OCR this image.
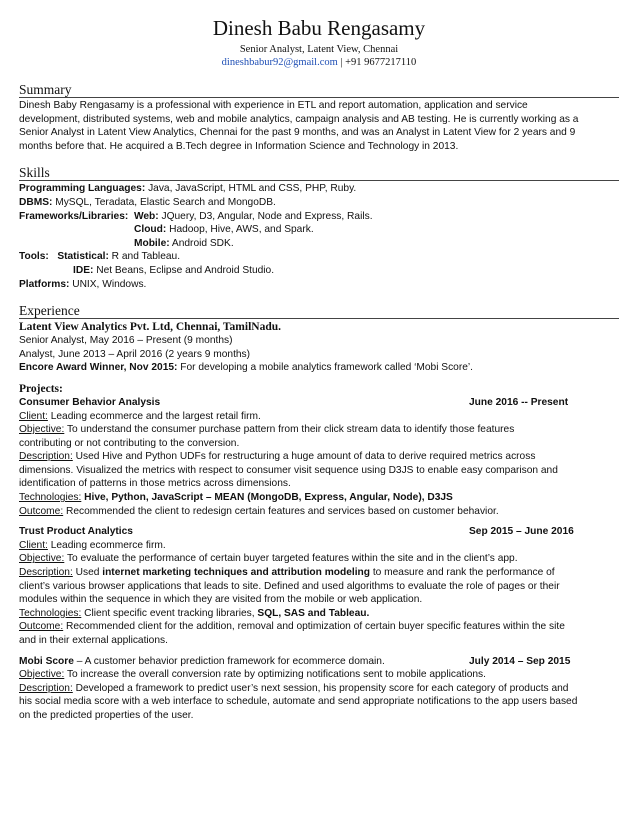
Dinesh Babu Rengasamy
Senior Analyst, Latent View, Chennai
dineshbabur92@gmail.com | +91 9677217110
Summary
Dinesh Baby Rengasamy is a professional with experience in ETL and report automation, application and service
development, distributed systems, web and mobile analytics, campaign analysis and AB testing. He is currently working as a
Senior Analyst in Latent View Analytics, Chennai for the past 9 months, and was an Analyst in Latent View for 2 years and 9
months before that. He acquired a B.Tech degree in Information Science and Technology in 2013.
Skills
Programming Languages: Java, JavaScript, HTML and CSS, PHP, Ruby.
DBMS: MySQL, Teradata, Elastic Search and MongoDB.
Frameworks/Libraries: Web: JQuery, D3, Angular, Node and Express, Rails.
Cloud: Hadoop, Hive, AWS, and Spark.
Mobile: Android SDK.
Tools: Statistical: R and Tableau.
IDE: Net Beans, Eclipse and Android Studio.
Platforms: UNIX, Windows.
Experience
Latent View Analytics Pvt. Ltd, Chennai, TamilNadu.
Senior Analyst, May 2016 – Present (9 months)
Analyst, June 2013 – April 2016 (2 years 9 months)
Encore Award Winner, Nov 2015: For developing a mobile analytics framework called ‘Mobi Score’.
Projects:
Consumer Behavior Analysis	June 2016 -- Present
Client: Leading ecommerce and the largest retail firm.
Objective: To understand the consumer purchase pattern from their click stream data to identify those features
contributing or not contributing to the conversion.
Description: Used Hive and Python UDFs for restructuring a huge amount of data to derive required metrics across
dimensions. Visualized the metrics with respect to consumer visit sequence using D3JS to enable easy comparison and
identification of patterns in those metrics across dimensions.
Technologies: Hive, Python, JavaScript – MEAN (MongoDB, Express, Angular, Node), D3JS
Outcome: Recommended the client to redesign certain features and services based on customer behavior.
Trust Product Analytics	Sep 2015 – June 2016
Client: Leading ecommerce firm.
Objective: To evaluate the performance of certain buyer targeted features within the site and in the client’s app.
Description: Used internet marketing techniques and attribution modeling to measure and rank the performance of
client’s various browser applications that leads to site. Defined and used algorithms to evaluate the role of pages or their
modules within the sequence in which they are visited from the mobile or web application.
Technologies: Client specific event tracking libraries, SQL, SAS and Tableau.
Outcome: Recommended client for the addition, removal and optimization of certain buyer specific features within the site
and in their external applications.
Mobi Score – A customer behavior prediction framework for ecommerce domain.	July 2014 – Sep 2015
Objective: To increase the overall conversion rate by optimizing notifications sent to mobile applications.
Description: Developed a framework to predict user’s next session, his propensity score for each category of products and
his social media score with a web interface to schedule, automate and send appropriate notifications to the app users based
on the predicted properties of the user.
